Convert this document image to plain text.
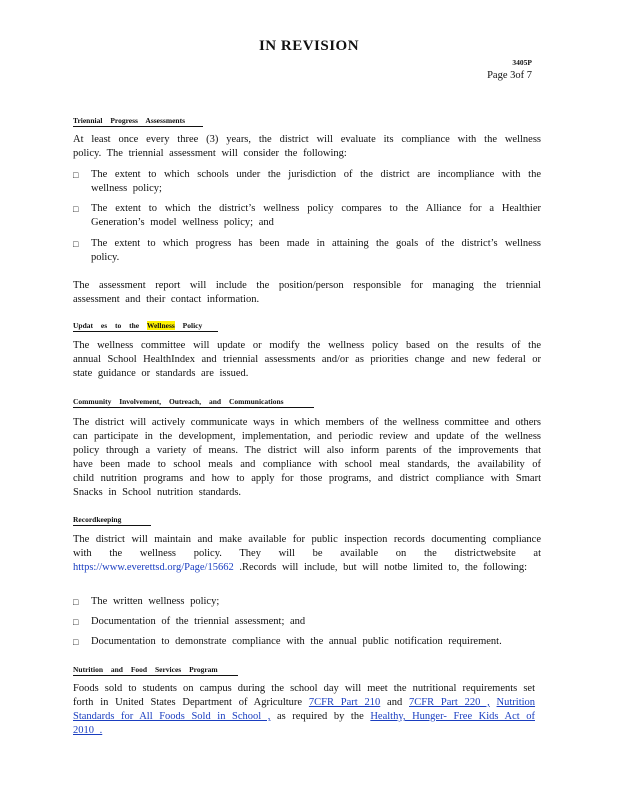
IN REVISION
3405P
Page 3of 7
Triennial Progress Assessments
At least once every three (3) years, the district will evaluate its compliance with the wellness policy. The triennial assessment will consider the following:
□ The extent to which schools under the jurisdiction of the district are incompliance with the wellness policy;
□ The extent to which the district’s wellness policy compares to the Alliance for a Healthier Generation’s model wellness policy; and
□ The extent to which progress has been made in attaining the goals of the district’s wellness policy.
The assessment report will include the position/person responsible for managing the triennial assessment and their contact information.
Updat es to the Wellness Policy
The wellness committee will update or modify the wellness policy based on the results of the annual School HealthIndex and triennial assessments and/or as priorities change and new federal or state guidance or standards are issued.
Community Involvement, Outreach, and Communications
The district will actively communicate ways in which members of the wellness committee and others can participate in the development, implementation, and periodic review and update of the wellness policy through a variety of means. The district will also inform parents of the improvements that have been made to school meals and compliance with school meal standards, the availability of child nutrition programs and how to apply for those programs, and district compliance with Smart Snacks in School nutrition standards.
Recordkeeping
The district will maintain and make available for public inspection records documenting compliance with the wellness policy. They will be available on the districtwebsite at https://www.everettsd.org/Page/15662 .Records will include, but will notbe limited to, the following:
□ The written wellness policy;
□ Documentation of the triennial assessment; and
□ Documentation to demonstrate compliance with the annual public notification requirement.
Nutrition and Food Services Program
Foods sold to students on campus during the school day will meet the nutritional requirements set forth in United States Department of Agriculture 7CFR Part 210 and 7CFR Part 220 , Nutrition Standards for All Foods Sold in School , as required by the Healthy, Hunger- Free Kids Act of 2010 .
